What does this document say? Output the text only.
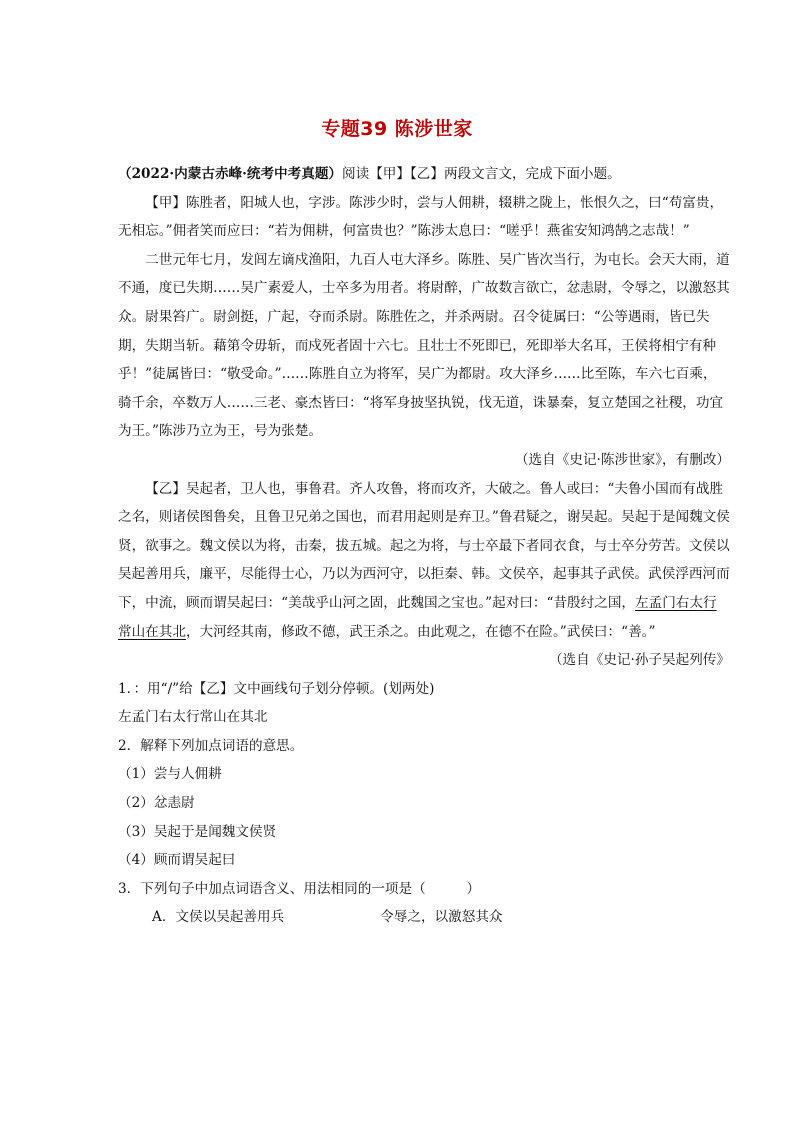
专题39 陈涉世家

（2022·内蒙古赤峰·统考中考真题）阅读【甲】【乙】两段文言文，完成下面小题。

【甲】陈胜者，阳城人也，字涉。陈涉少时，尝与人佣耕，辍耕之陇上，怅恨久之，曰“苟富贵，无相忘。”佣者笑而应曰：“若为佣耕，何富贵也？”陈涉太息曰：“嗟乎！燕雀安知鸿鹄之志哉！”

二世元年七月，发闾左谪戍渔阳，九百人屯大泽乡。陈胜、吴广皆次当行，为屯长。会天大雨，道不通，度已失期……吴广素爱人，士卒多为用者。将尉醉，广故数言欲亡，忿恚尉，令辱之，以激怒其众。尉果笞广。尉剑挺，广起，夺而杀尉。陈胜佐之，并杀两尉。召令徒属曰：“公等遇雨，皆已失期，失期当斩。藉第令毋斩，而戍死者固十六七。且壮士不死即已，死即举大名耳，王侯将相宁有种乎！”徒属皆曰：“敬受命。”……陈胜自立为将军，吴广为都尉。攻大泽乡……比至陈，车六七百乘，骑千余，卒数万人……三老、豪杰皆曰：“将军身披坚执锐，伐无道，诛暴秦，复立楚国之社稷，功宜为王。”陈涉乃立为王，号为张楚。

（选自《史记·陈涉世家》，有删改）

【乙】吴起者，卫人也，事鲁君。齐人攻鲁，将而攻齐，大破之。鲁人或曰：“夫鲁小国而有战胜之名，则诸侯图鲁矣，且鲁卫兄弟之国也，而君用起则是弃卫。”鲁君疑之，谢吴起。吴起于是闻魏文侯贤，欲事之。魏文侯以为将，击秦，拔五城。起之为将，与士卒最下者同衣食，与士卒分劳苦。文侯以吴起善用兵，廉平，尽能得士心，乃以为西河守，以拒秦、韩。文侯卒，起事其子武侯。武侯浮西河而下，中流，顾而谓吴起曰：“美哉乎山河之固，此魏国之宝也。”起对曰：“昔殷纣之国，左孟门右太行常山在其北，大河经其南，修政不德，武王杀之。由此观之，在德不在险。”武侯曰：“善。”

（选自《史记·孙子吴起列传》

1．：用“/”给【乙】文中画线句子划分停顿。(划两处)

左孟门右太行常山在其北

2．解释下列加点词语的意思。

（1）尝与人佣耕

（2）忿恚尉

（3）吴起于是闻魏文侯贤

（4）顾而谓吴起曰

3．下列句子中加点词语含义、用法相同的一项是（　　　）

A．文侯以吴起善用兵	令辱之，以激怒其众
